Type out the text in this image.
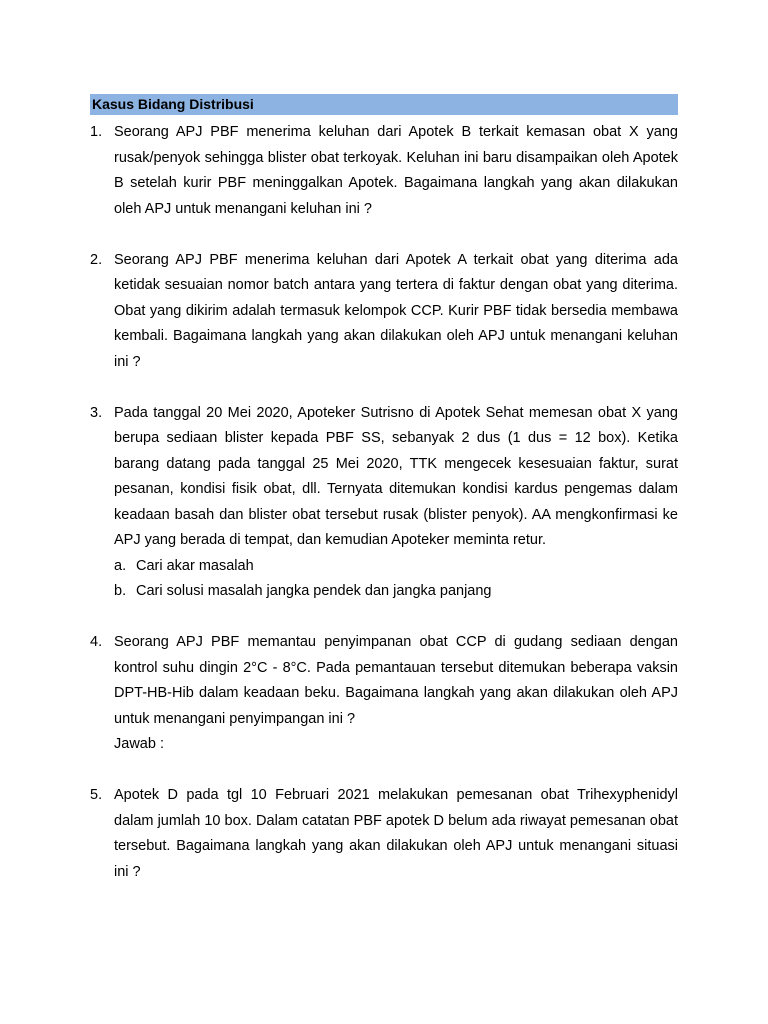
Kasus Bidang Distribusi
1. Seorang APJ PBF menerima keluhan dari Apotek B terkait kemasan obat X yang rusak/penyok sehingga blister obat terkoyak. Keluhan ini baru disampaikan oleh Apotek B setelah kurir PBF meninggalkan Apotek. Bagaimana langkah yang akan dilakukan oleh APJ untuk menangani keluhan ini ?
2. Seorang APJ PBF menerima keluhan dari Apotek A terkait obat yang diterima ada ketidak sesuaian nomor batch antara yang tertera di faktur dengan obat yang diterima. Obat yang dikirim adalah termasuk kelompok CCP. Kurir PBF tidak bersedia membawa kembali. Bagaimana langkah yang akan dilakukan oleh APJ untuk menangani keluhan ini ?
3. Pada tanggal 20 Mei 2020, Apoteker Sutrisno di Apotek Sehat memesan obat X yang berupa sediaan blister kepada PBF SS, sebanyak 2 dus (1 dus = 12 box). Ketika barang datang pada tanggal 25 Mei 2020, TTK mengecek kesesuaian faktur, surat pesanan, kondisi fisik obat, dll. Ternyata ditemukan kondisi kardus pengemas dalam keadaan basah dan blister obat tersebut rusak (blister penyok). AA mengkonfirmasi ke APJ yang berada di tempat, dan kemudian Apoteker meminta retur.
a. Cari akar masalah
b. Cari solusi masalah jangka pendek dan jangka panjang
4. Seorang APJ PBF memantau penyimpanan obat CCP di gudang sediaan dengan kontrol suhu dingin 2°C - 8°C. Pada pemantauan tersebut ditemukan beberapa vaksin DPT-HB-Hib dalam keadaan beku. Bagaimana langkah yang akan dilakukan oleh APJ untuk menangani penyimpangan ini ?
Jawab :
5. Apotek D pada tgl 10 Februari 2021 melakukan pemesanan obat Trihexyphenidyl dalam jumlah 10 box. Dalam catatan PBF apotek D belum ada riwayat pemesanan obat tersebut. Bagaimana langkah yang akan dilakukan oleh APJ untuk menangani situasi ini ?
